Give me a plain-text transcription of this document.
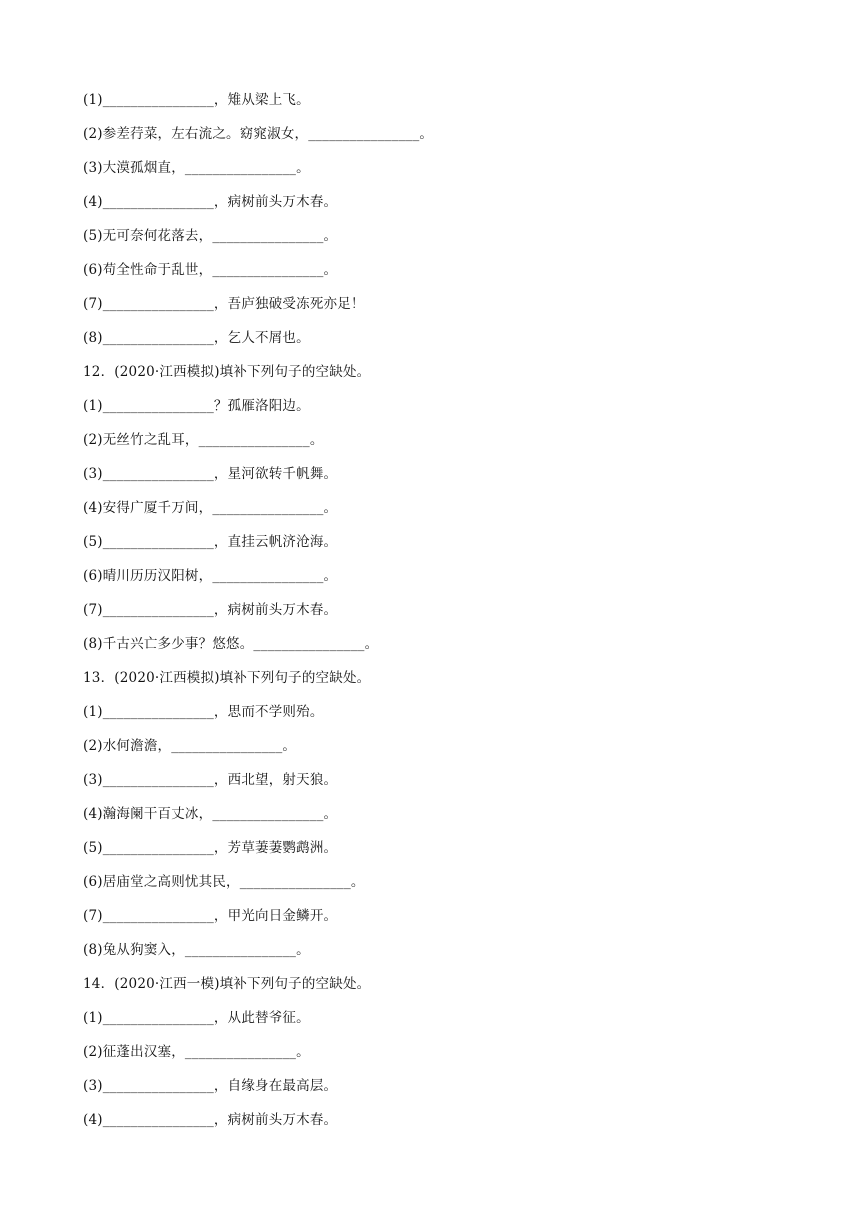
(1)________________，雉从梁上飞。
(2)参差荇菜，左右流之。窈窕淑女，________________。
(3)大漠孤烟直，________________。
(4)________________，病树前头万木春。
(5)无可奈何花落去，________________。
(6)苟全性命于乱世，________________。
(7)________________，吾庐独破受冻死亦足！
(8)________________，乞人不屑也。
12．(2020·江西模拟)填补下列句子的空缺处。
(1)________________？孤雁洛阳边。
(2)无丝竹之乱耳，________________。
(3)________________，星河欲转千帆舞。
(4)安得广厦千万间，________________。
(5)________________，直挂云帆济沧海。
(6)晴川历历汉阳树，________________。
(7)________________，病树前头万木春。
(8)千古兴亡多少事？悠悠。________________。
13．(2020·江西模拟)填补下列句子的空缺处。
(1)________________，思而不学则殆。
(2)水何澹澹，________________。
(3)________________，西北望，射天狼。
(4)瀚海阑干百丈冰，________________。
(5)________________，芳草萋萋鹦鹉洲。
(6)居庙堂之高则忧其民，________________。
(7)________________，甲光向日金鳞开。
(8)兔从狗窦入，________________。
14．(2020·江西一模)填补下列句子的空缺处。
(1)________________，从此替爷征。
(2)征蓬出汉塞，________________。
(3)________________，自缘身在最高层。
(4)________________，病树前头万木春。
